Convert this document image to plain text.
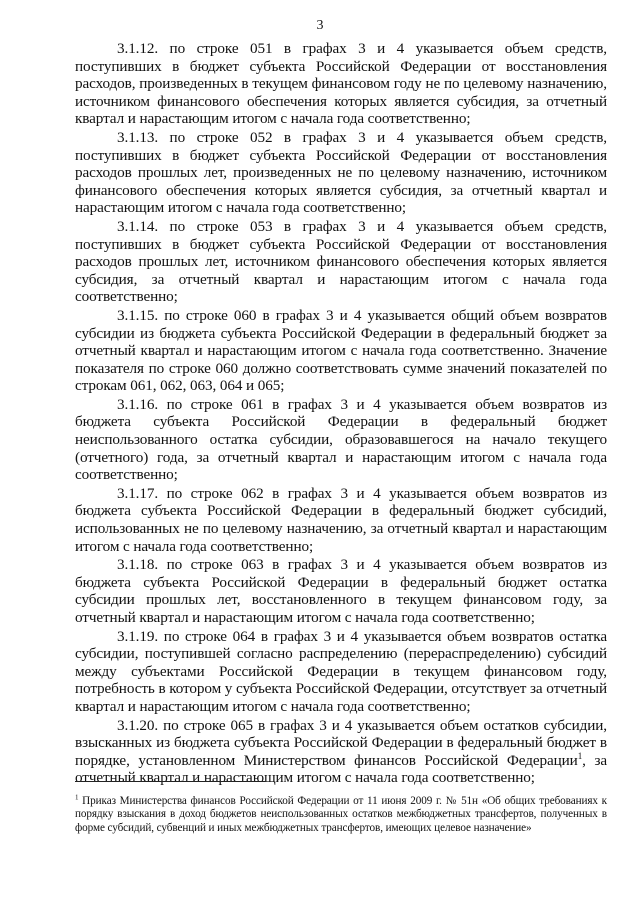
3

3.1.12. по строке 051 в графах 3 и 4 указывается объем средств, поступивших в бюджет субъекта Российской Федерации от восстановления расходов, произведенных в текущем финансовом году не по целевому назначению, источником финансового обеспечения которых является субсидия, за отчетный квартал и нарастающим итогом с начала года соответственно;

3.1.13. по строке 052 в графах 3 и 4 указывается объем средств, поступивших в бюджет субъекта Российской Федерации от восстановления расходов прошлых лет, произведенных не по целевому назначению, источником финансового обеспечения которых является субсидия, за отчетный квартал и нарастающим итогом с начала года соответственно;

3.1.14. по строке 053 в графах 3 и 4 указывается объем средств, поступивших в бюджет субъекта Российской Федерации от восстановления расходов прошлых лет, источником финансового обеспечения которых является субсидия, за отчетный квартал и нарастающим итогом с начала года соответственно;

3.1.15. по строке 060 в графах 3 и 4 указывается общий объем возвратов субсидии из бюджета субъекта Российской Федерации в федеральный бюджет за отчетный квартал и нарастающим итогом с начала года соответственно. Значение показателя по строке 060 должно соответствовать сумме значений показателей по строкам 061, 062, 063, 064 и 065;

3.1.16. по строке 061 в графах 3 и 4 указывается объем возвратов из бюджета субъекта Российской Федерации в федеральный бюджет неиспользованного остатка субсидии, образовавшегося на начало текущего (отчетного) года, за отчетный квартал и нарастающим итогом с начала года соответственно;

3.1.17. по строке 062 в графах 3 и 4 указывается объем возвратов из бюджета субъекта Российской Федерации в федеральный бюджет субсидий, использованных не по целевому назначению, за отчетный квартал и нарастающим итогом с начала года соответственно;

3.1.18. по строке 063 в графах 3 и 4 указывается объем возвратов из бюджета субъекта Российской Федерации в федеральный бюджет остатка субсидии прошлых лет, восстановленного в текущем финансовом году, за отчетный квартал и нарастающим итогом с начала года соответственно;

3.1.19. по строке 064 в графах 3 и 4 указывается объем возвратов остатка субсидии, поступившей согласно распределению (перераспределению) субсидий между субъектами Российской Федерации в текущем финансовом году, потребность в котором у субъекта Российской Федерации, отсутствует за отчетный квартал и нарастающим итогом с начала года соответственно;

3.1.20. по строке 065 в графах 3 и 4 указывается объем остатков субсидии, взысканных из бюджета субъекта Российской Федерации в федеральный бюджет в порядке, установленном Министерством финансов Российской Федерации$^1$, за отчетный квартал и нарастающим итогом с начала года соответственно;

$^1$ Приказ Министерства финансов Российской Федерации от 11 июня 2009 г. № 51н «Об общих требованиях к порядку взыскания в доход бюджетов неиспользованных остатков межбюджетных трансфертов, полученных в форме субсидий, субвенций и иных межбюджетных трансфертов, имеющих целевое назначение»
